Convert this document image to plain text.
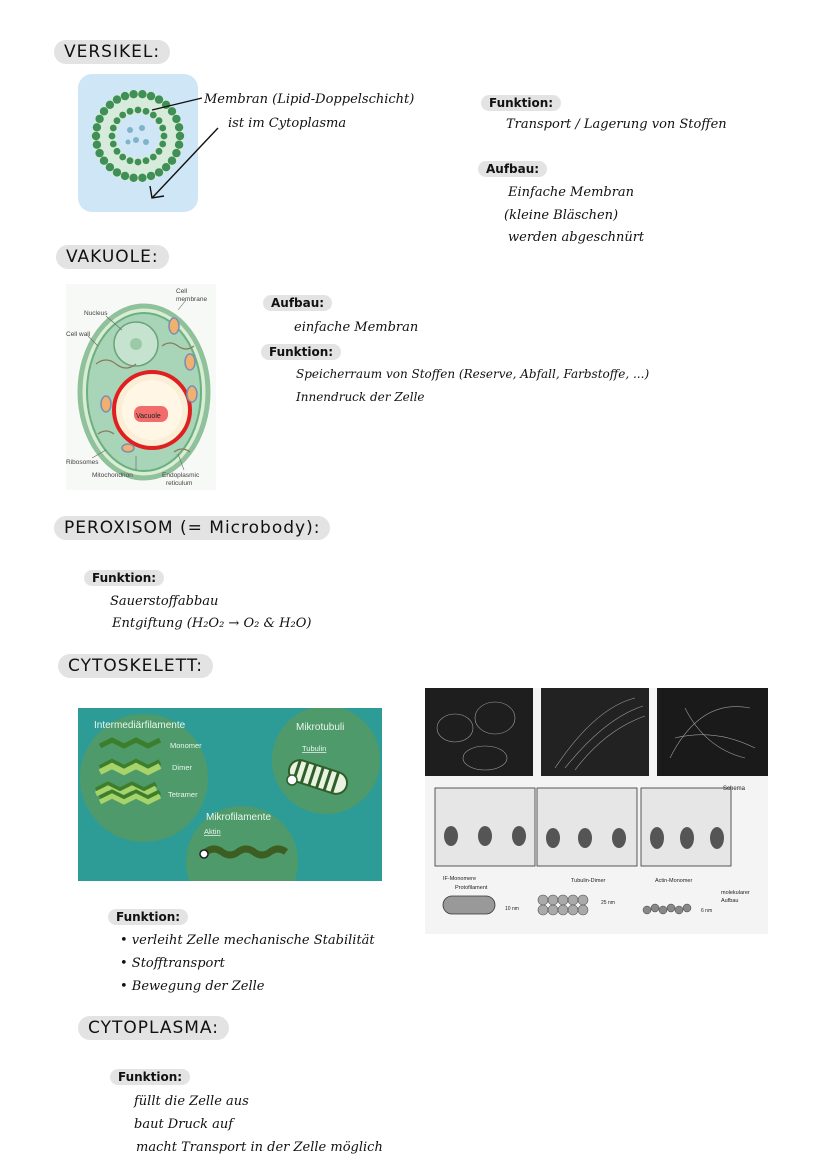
VERSIKEL:
Membran (Lipid-Doppelschicht)
ist im Cytoplasma
Funktion:
Transport / Lagerung von Stoffen
Aufbau:
Einfache Membran
(kleine Bläschen)
werden abgeschnürt
VAKUOLE:
Cell
membrane
Nucleus
Cell wall
Vacuole
Ribosomes
Mitochondrion	Endoplasmic
reticulum
Aufbau:
einfache Membran
Funktion:
Speicherraum von Stoffen (Reserve, Abfall, Farbstoffe, ...)
Innendruck der Zelle
PEROXISOM (= Microbody):
Funktion:
Sauerstoffabbau
Entgiftung (H₂O₂ → O₂ & H₂O)
CYTOSKELETT:
Intermediärfilamente
Monomer
Dimer
Tetramer
Mikrotubuli
Tubulin
Mikrofilamente
Aktin
Schema
IF-Monomere
Protofilament
Tubulin-Dimer	Actin-Monomer
10 nm
25 nm
6 nm
molekularer
Aufbau
Funktion:
• verleiht Zelle mechanische Stabilität
• Stofftransport
• Bewegung der Zelle
CYTOPLASMA:
Funktion:
füllt die Zelle aus
baut Druck auf
macht Transport in der Zelle möglich
